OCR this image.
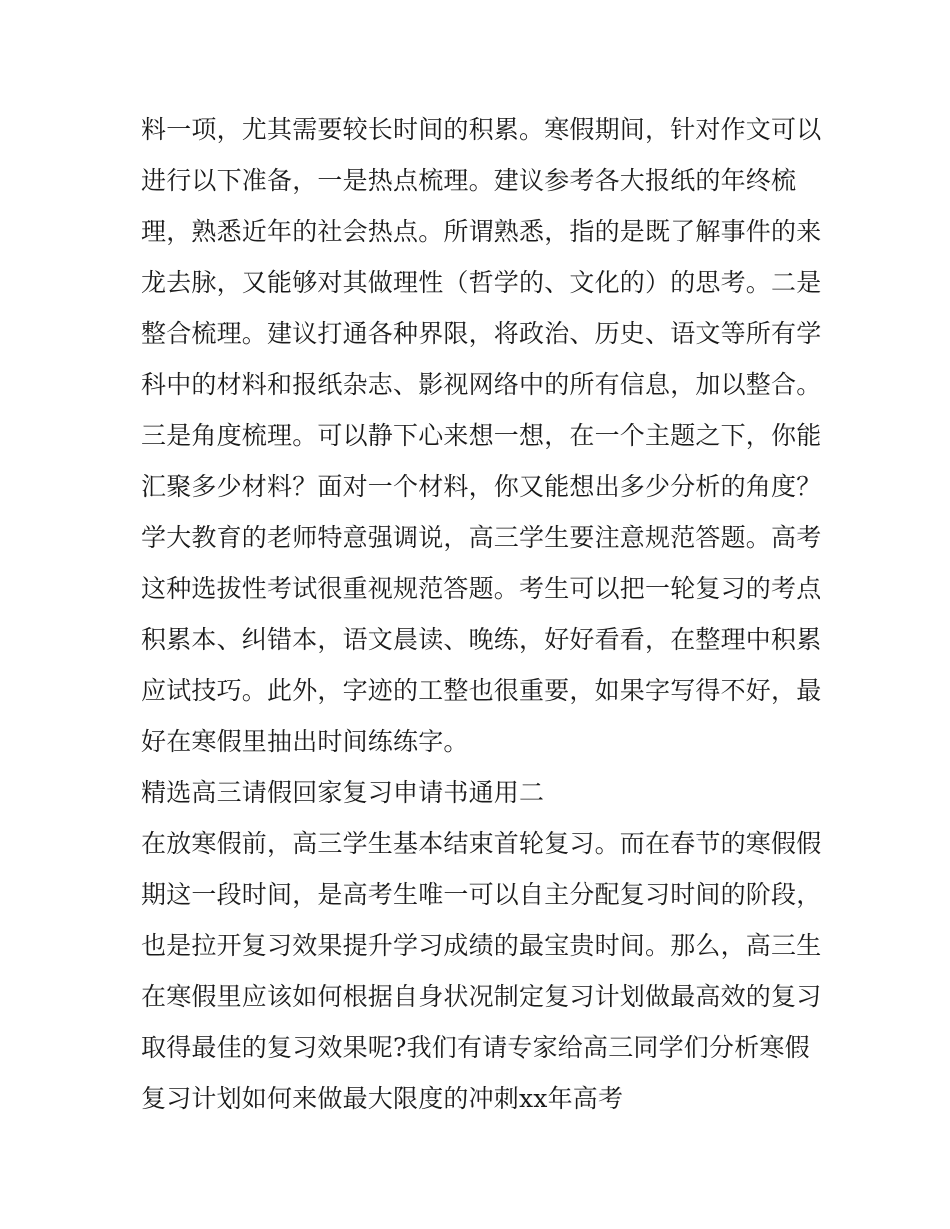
料一项，尤其需要较长时间的积累。寒假期间，针对作文可以
进行以下准备，一是热点梳理。建议参考各大报纸的年终梳
理，熟悉近年的社会热点。所谓熟悉，指的是既了解事件的来
龙去脉，又能够对其做理性（哲学的、文化的）的思考。二是
整合梳理。建议打通各种界限，将政治、历史、语文等所有学
科中的材料和报纸杂志、影视网络中的所有信息，加以整合。
三是角度梳理。可以静下心来想一想，在一个主题之下，你能
汇聚多少材料？面对一个材料，你又能想出多少分析的角度？
学大教育的老师特意强调说，高三学生要注意规范答题。高考
这种选拔性考试很重视规范答题。考生可以把一轮复习的考点
积累本、纠错本，语文晨读、晚练，好好看看，在整理中积累
应试技巧。此外，字迹的工整也很重要，如果字写得不好，最
好在寒假里抽出时间练练字。
精选高三请假回家复习申请书通用二
在放寒假前，高三学生基本结束首轮复习。而在春节的寒假假
期这一段时间，是高考生唯一可以自主分配复习时间的阶段，
也是拉开复习效果提升学习成绩的最宝贵时间。那么，高三生
在寒假里应该如何根据自身状况制定复习计划做最高效的复习
取得最佳的复习效果呢?我们有请专家给高三同学们分析寒假
复习计划如何来做最大限度的冲刺xx年高考
